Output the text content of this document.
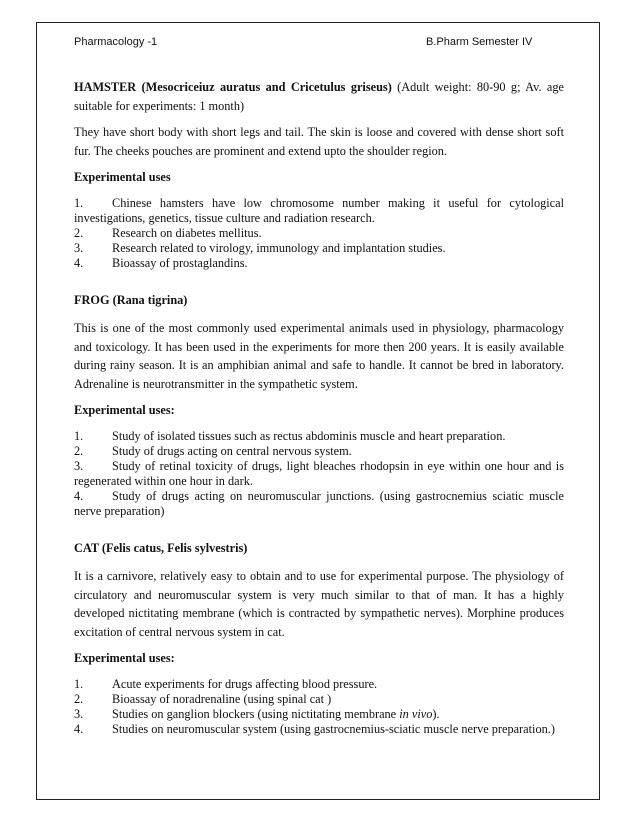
Pharmacology -1	B.Pharm Semester IV

HAMSTER (Mesocriceiuz auratus and Cricetulus griseus) (Adult weight: 80-90 g; Av. age suitable for experiments: 1 month)

They have short body with short legs and tail. The skin is loose and covered with dense short soft fur. The cheeks pouches are prominent and extend upto the shoulder region.

Experimental uses

1. Chinese hamsters have low chromosome number making it useful for cytological investigations, genetics, tissue culture and radiation research.
2. Research on diabetes mellitus.
3. Research related to virology, immunology and implantation studies.
4. Bioassay of prostaglandins.

FROG (Rana tigrina)

This is one of the most commonly used experimental animals used in physiology, pharmacology and toxicology. It has been used in the experiments for more then 200 years. It is easily available during rainy season. It is an amphibian animal and safe to handle. It cannot be bred in laboratory. Adrenaline is neurotransmitter in the sympathetic system.

Experimental uses:

1. Study of isolated tissues such as rectus abdominis muscle and heart preparation.
2. Study of drugs acting on central nervous system.
3. Study of retinal toxicity of drugs, light bleaches rhodopsin in eye within one hour and is regenerated within one hour in dark.
4. Study of drugs acting on neuromuscular junctions. (using gastrocnemius sciatic muscle nerve preparation)

CAT (Felis catus, Felis sylvestris)

It is a carnivore, relatively easy to obtain and to use for experimental purpose. The physiology of circulatory and neuromuscular system is very much similar to that of man. It has a highly developed nictitating membrane (which is contracted by sympathetic nerves). Morphine produces excitation of central nervous system in cat.

Experimental uses:

1. Acute experiments for drugs affecting blood pressure.
2. Bioassay of noradrenaline (using spinal cat )
3. Studies on ganglion blockers (using nictitating membrane in vivo).
4. Studies on neuromuscular system (using gastrocnemius-sciatic muscle nerve preparation.)
